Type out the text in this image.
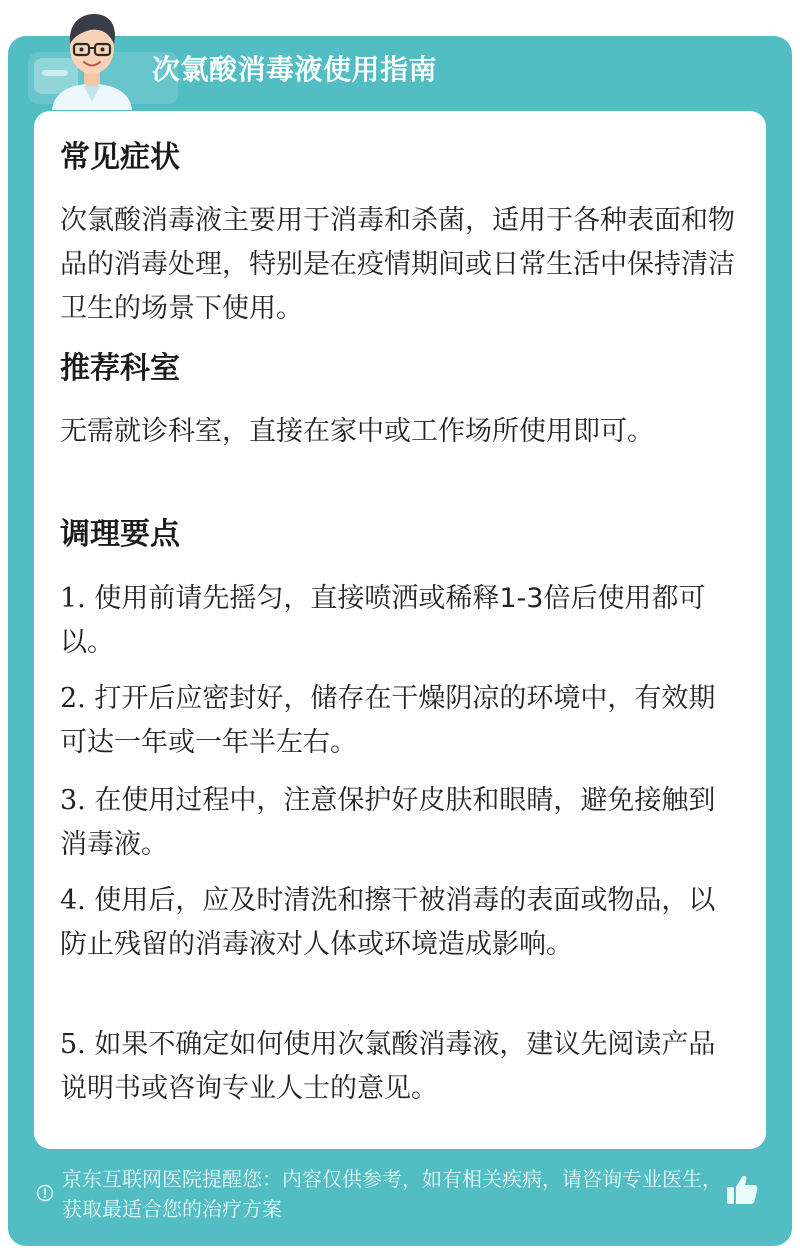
次氯酸消毒液使用指南
常见症状
次氯酸消毒液主要用于消毒和杀菌，适用于各种表面和物品的消毒处理，特别是在疫情期间或日常生活中保持清洁卫生的场景下使用。
推荐科室
无需就诊科室，直接在家中或工作场所使用即可。
调理要点
1. 使用前请先摇匀，直接喷洒或稀释1-3倍后使用都可以。
2. 打开后应密封好，储存在干燥阴凉的环境中，有效期可达一年或一年半左右。
3. 在使用过程中，注意保护好皮肤和眼睛，避免接触到消毒液。
4. 使用后，应及时清洗和擦干被消毒的表面或物品，以防止残留的消毒液对人体或环境造成影响。
5. 如果不确定如何使用次氯酸消毒液，建议先阅读产品说明书或咨询专业人士的意见。
京东互联网医院提醒您：内容仅供参考，如有相关疾病，请咨询专业医生，获取最适合您的治疗方案
